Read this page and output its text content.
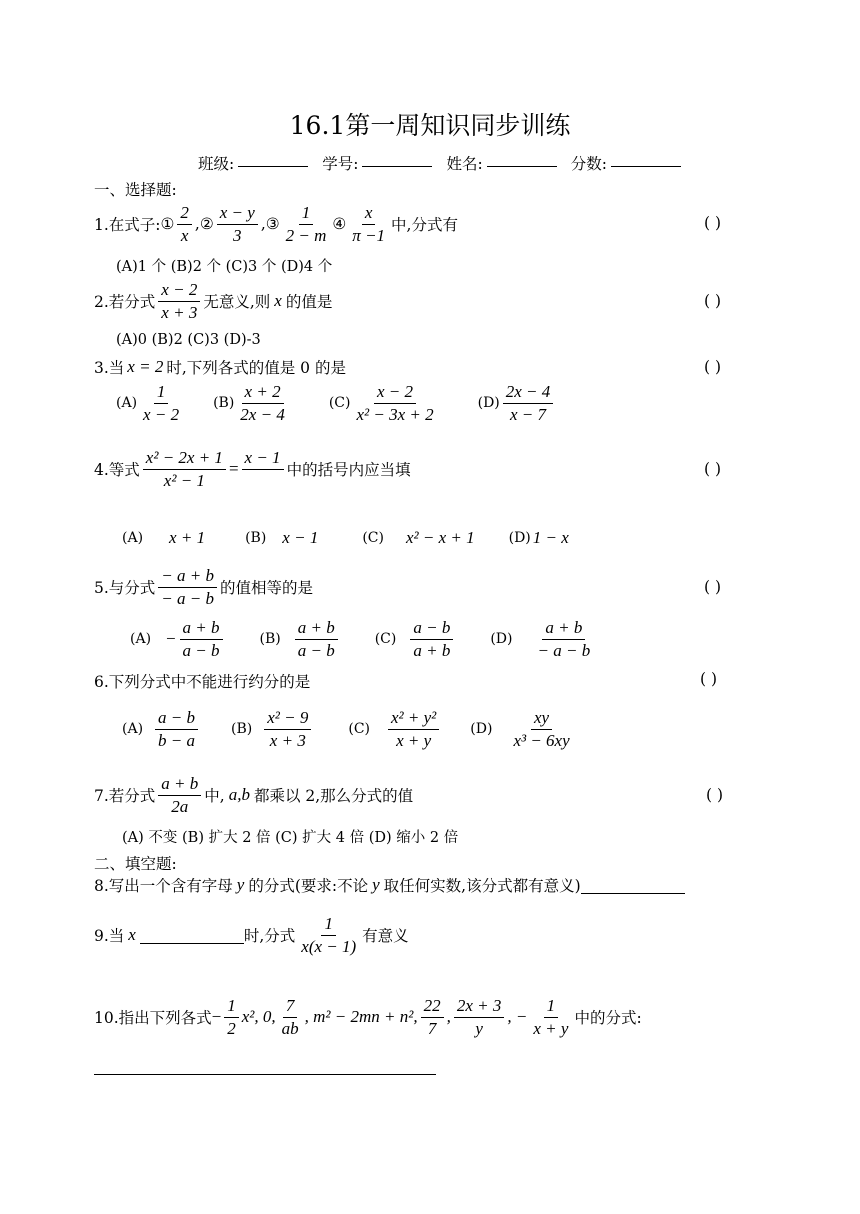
16.1第一周知识同步训练
班级:	学号:	姓名:	分数:
一、选择题:
1.在式子: ① $\frac{2}{x}$ ,② $\frac{x - y}{3}$ ,③ $\frac{1}{2 - m}$ ④ $\frac{x}{\pi -1}$ 中,分式有	( )
(A)1 个 (B)2 个 (C)3 个 (D)4 个
2.若分式 $\frac{x - 2}{x + 3}$ 无意义,则 x 的值是	( )
(A)0 (B)2 (C)3 (D)-3
3.当 x = 2 时,下列各式的值是 0 的是	( )
$(A) \frac{1}{x - 2} (B) \frac{x + 2}{2x - 4}$	$(C) \frac{x - 2}{\text{x² − 3x + 2}}$	$(D) \frac{2x - 4}{x - 7}$
4.等式 $\frac{\text{x² − 2x + 1}}{\text{x² − 1}}$ =
x − 1
中的括号内应当填	( )
(A) x + 1	(B) x − 1	(C) x² − x + 1 (D) 1 − x
5.与分式 $\frac{- a + b}{- a - b}$ 的值相等的是	( )
$(A) - \frac{a + b}{a - b}$	$(B) \frac{a + b}{a - b}$	$(C) \frac{a - b}{a + b}$	$(D) \frac{a + b}{- a - b}$
6.下列分式中不能进行约分的是	( )
$(A) \frac{a - b}{b - a} (B) \frac{\text{x² − 9}}{x + 3}$	$(C) \frac{\text{x² + y²}}{x + y} (D) \frac{xy}{\text{x³ − 6xy}}$
7.若分式 $\frac{a + b}{2a}$ 中, a,b 都乘以 2,那么分式的值	( )
(A) 不变 (B) 扩大 2 倍 (C) 扩大 4 倍 (D) 缩小 2 倍
二、填空题:
8.写出一个含有字母 y 的分式(要求:不论 y 取任何实数,该分式都有意义)
9.当 x	时,分式 $\frac{1}{x(x - 1)}$ 有意义
10.指出下列各式 − $\frac{1}{2} x^2$, 0, $\frac{7}{ab}$ , m² − 2mn + n², $\frac{22}{7}$ , $\frac{2x + 3}{y}$ , − $\frac{1}{x + y}$ 中的分式:
